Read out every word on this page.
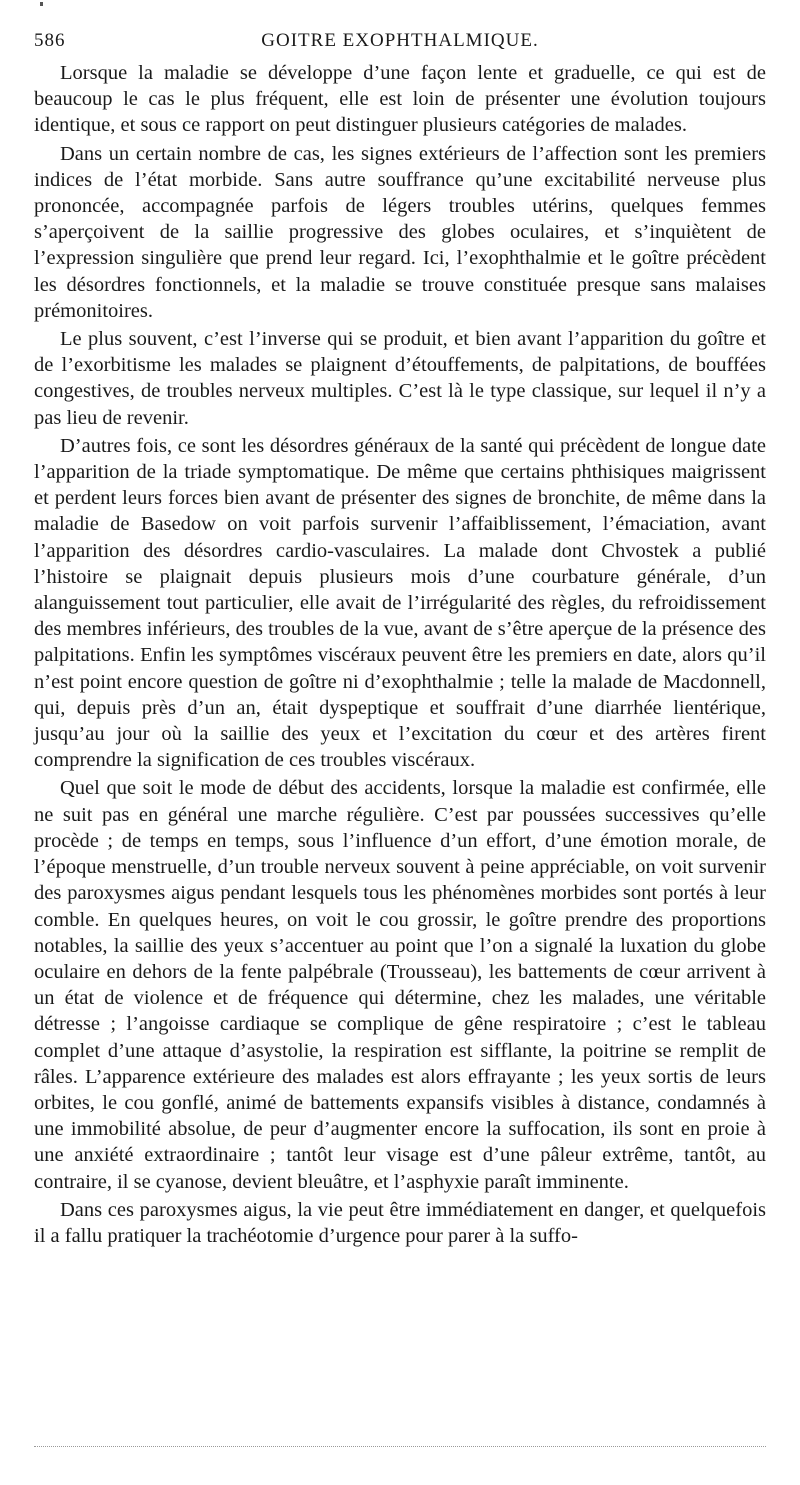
586	GOITRE EXOPHTHALMIQUE.

Lorsque la maladie se développe d’une façon lente et graduelle, ce qui est de beaucoup le cas le plus fréquent, elle est loin de présenter une évolution toujours identique, et sous ce rapport on peut distinguer plusieurs catégories de malades.

Dans un certain nombre de cas, les signes extérieurs de l’affection sont les premiers indices de l’état morbide. Sans autre souffrance qu’une excitabilité nerveuse plus prononcée, accompagnée parfois de légers troubles utérins, quelques femmes s’aperçoivent de la saillie progressive des globes oculaires, et s’inquiètent de l’expression singulière que prend leur regard. Ici, l’exophthalmie et le goître précèdent les désordres fonctionnels, et la maladie se trouve constituée presque sans malaises prémonitoires.

Le plus souvent, c’est l’inverse qui se produit, et bien avant l’apparition du goître et de l’exorbitisme les malades se plaignent d’étouffements, de palpitations, de bouffées congestives, de troubles nerveux multiples. C’est là le type classique, sur lequel il n’y a pas lieu de revenir.

D’autres fois, ce sont les désordres généraux de la santé qui précèdent de longue date l’apparition de la triade symptomatique. De même que certains phthisiques maigrissent et perdent leurs forces bien avant de présenter des signes de bronchite, de même dans la maladie de Basedow on voit parfois survenir l’affaiblissement, l’émaciation, avant l’apparition des désordres cardio-vasculaires. La malade dont Chvostek a publié l’histoire se plaignait depuis plusieurs mois d’une courbature générale, d’un alanguissement tout particulier, elle avait de l’irrégularité des règles, du refroidissement des membres inférieurs, des troubles de la vue, avant de s’être aperçue de la présence des palpitations. Enfin les symptômes viscéraux peuvent être les premiers en date, alors qu’il n’est point encore question de goître ni d’exophthalmie ; telle la malade de Macdonnell, qui, depuis près d’un an, était dyspeptique et souffrait d’une diarrhée lientérique, jusqu’au jour où la saillie des yeux et l’excitation du cœur et des artères firent comprendre la signification de ces troubles viscéraux.

Quel que soit le mode de début des accidents, lorsque la maladie est confirmée, elle ne suit pas en général une marche régulière. C’est par poussées successives qu’elle procède ; de temps en temps, sous l’influence d’un effort, d’une émotion morale, de l’époque menstruelle, d’un trouble nerveux souvent à peine appréciable, on voit survenir des paroxysmes aigus pendant lesquels tous les phénomènes morbides sont portés à leur comble. En quelques heures, on voit le cou grossir, le goître prendre des proportions notables, la saillie des yeux s’accentuer au point que l’on a signalé la luxation du globe oculaire en dehors de la fente palpébrale (Trousseau), les battements de cœur arrivent à un état de violence et de fréquence qui détermine, chez les malades, une véritable détresse ; l’angoisse cardiaque se complique de gêne respiratoire ; c’est le tableau complet d’une attaque d’asystolie, la respiration est sifflante, la poitrine se remplit de râles. L’apparence extérieure des malades est alors effrayante ; les yeux sortis de leurs orbites, le cou gonflé, animé de battements expansifs visibles à distance, condamnés à une immobilité absolue, de peur d’augmenter encore la suffocation, ils sont en proie à une anxiété extraordinaire ; tantôt leur visage est d’une pâleur extrême, tantôt, au contraire, il se cyanose, devient bleuâtre, et l’asphyxie paraît imminente.

Dans ces paroxysmes aigus, la vie peut être immédiatement en danger, et quelquefois il a fallu pratiquer la trachéotomie d’urgence pour parer à la suffo-
